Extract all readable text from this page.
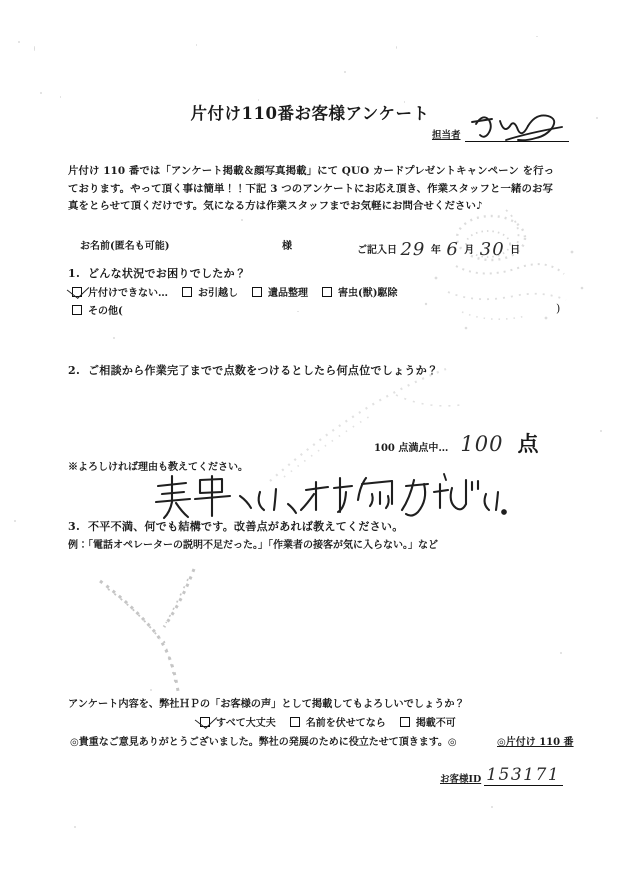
片付け110番お客様アンケート
担当者
片付け 110 番では「アンケート掲載＆顔写真掲載」にて QUO カードプレゼントキャンペーン を行っております。やって頂く事は簡単！！下記 3 つのアンケートにお応え頂き、作業スタッフと一緒のお写真をとらせて頂くだけです。気になる方は作業スタッフまでお気軽にお問合せください♪
お名前(匿名も可能)	様	ご記入日 29 年 6 月 30 日
1. どんな状況でお困りでしたか？
片付けできない…	お引越し	遺品整理	害虫(獣)駆除
その他(	)
2. ご相談から作業完了までで点数をつけるとしたら何点位でしょうか？
100 点満点中… 100 点
※よろしければ理由も教えてください。
3. 不平不満、何でも結構です。改善点があれば教えてください。
例：「電話オペレーターの説明不足だった。」「作業者の接客が気に入らない。」など
アンケート内容を、弊社ＨＰの「お客様の声」として掲載してもよろしいでしょうか？
すべて大丈夫	名前を伏せてなら	掲載不可
◎貴重なご意見ありがとうございました。弊社の発展のために役立たせて頂きます。◎	◎片付け 110 番
お客様ID 153171
